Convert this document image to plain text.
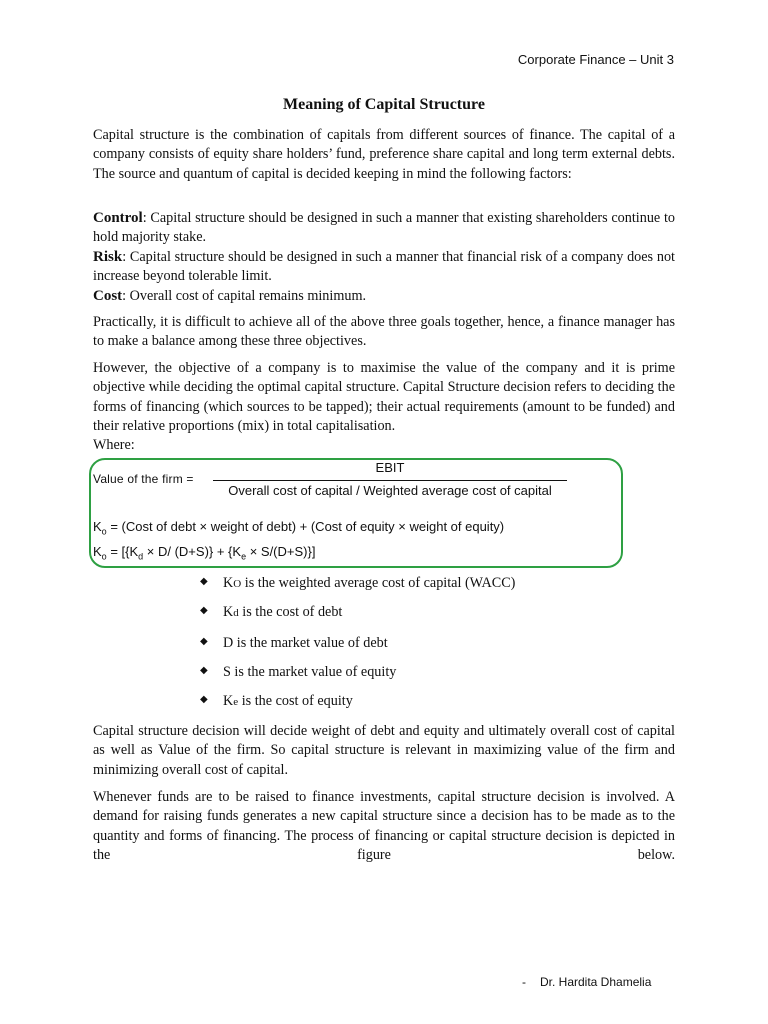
Corporate Finance – Unit 3
Meaning of Capital Structure

Capital structure is the combination of capitals from different sources of finance. The capital of a company consists of equity share holders’ fund, preference share capital and long term external debts. The source and quantum of capital is decided keeping in mind the following factors:

Control: Capital structure should be designed in such a manner that existing shareholders continue to hold majority stake.

Risk: Capital structure should be designed in such a manner that financial risk of a company does not increase beyond tolerable limit.

Cost: Overall cost of capital remains minimum.

Practically, it is difficult to achieve all of the above three goals together, hence, a finance manager has to make a balance among these three objectives.

However, the objective of a company is to maximise the value of the company and it is prime objective while deciding the optimal capital structure. Capital Structure decision refers to deciding the forms of financing (which sources to be tapped); their actual requirements (amount to be funded) and their relative proportions (mix) in total capitalisation.
Where:
Value of the firm =
EBIT
Overall cost of capital / Weighted average cost of capital
$K_o$ = (Cost of debt × weight of debt) + (Cost of equity × weight of equity)
$K_o = [\{K_d \times D/$ $(D+S)\} + \{K_e \times S/(D+S)\}$]
◆ KO is the weighted average cost of capital (WACC)
◆ Kd is the cost of debt
◆ D is the market value of debt
◆ S is the market value of equity
◆ Ke is the cost of equity

Capital structure decision will decide weight of debt and equity and ultimately overall cost of capital as well as Value of the firm. So capital structure is relevant in maximizing value of the firm and minimizing overall cost of capital.

Whenever funds are to be raised to finance investments, capital structure decision is involved. A demand for raising funds generates a new capital structure since a decision has to be made as to the quantity and forms of financing. The process of financing or capital structure decision is depicted in the figure below.

- Dr. Hardita Dhamelia
